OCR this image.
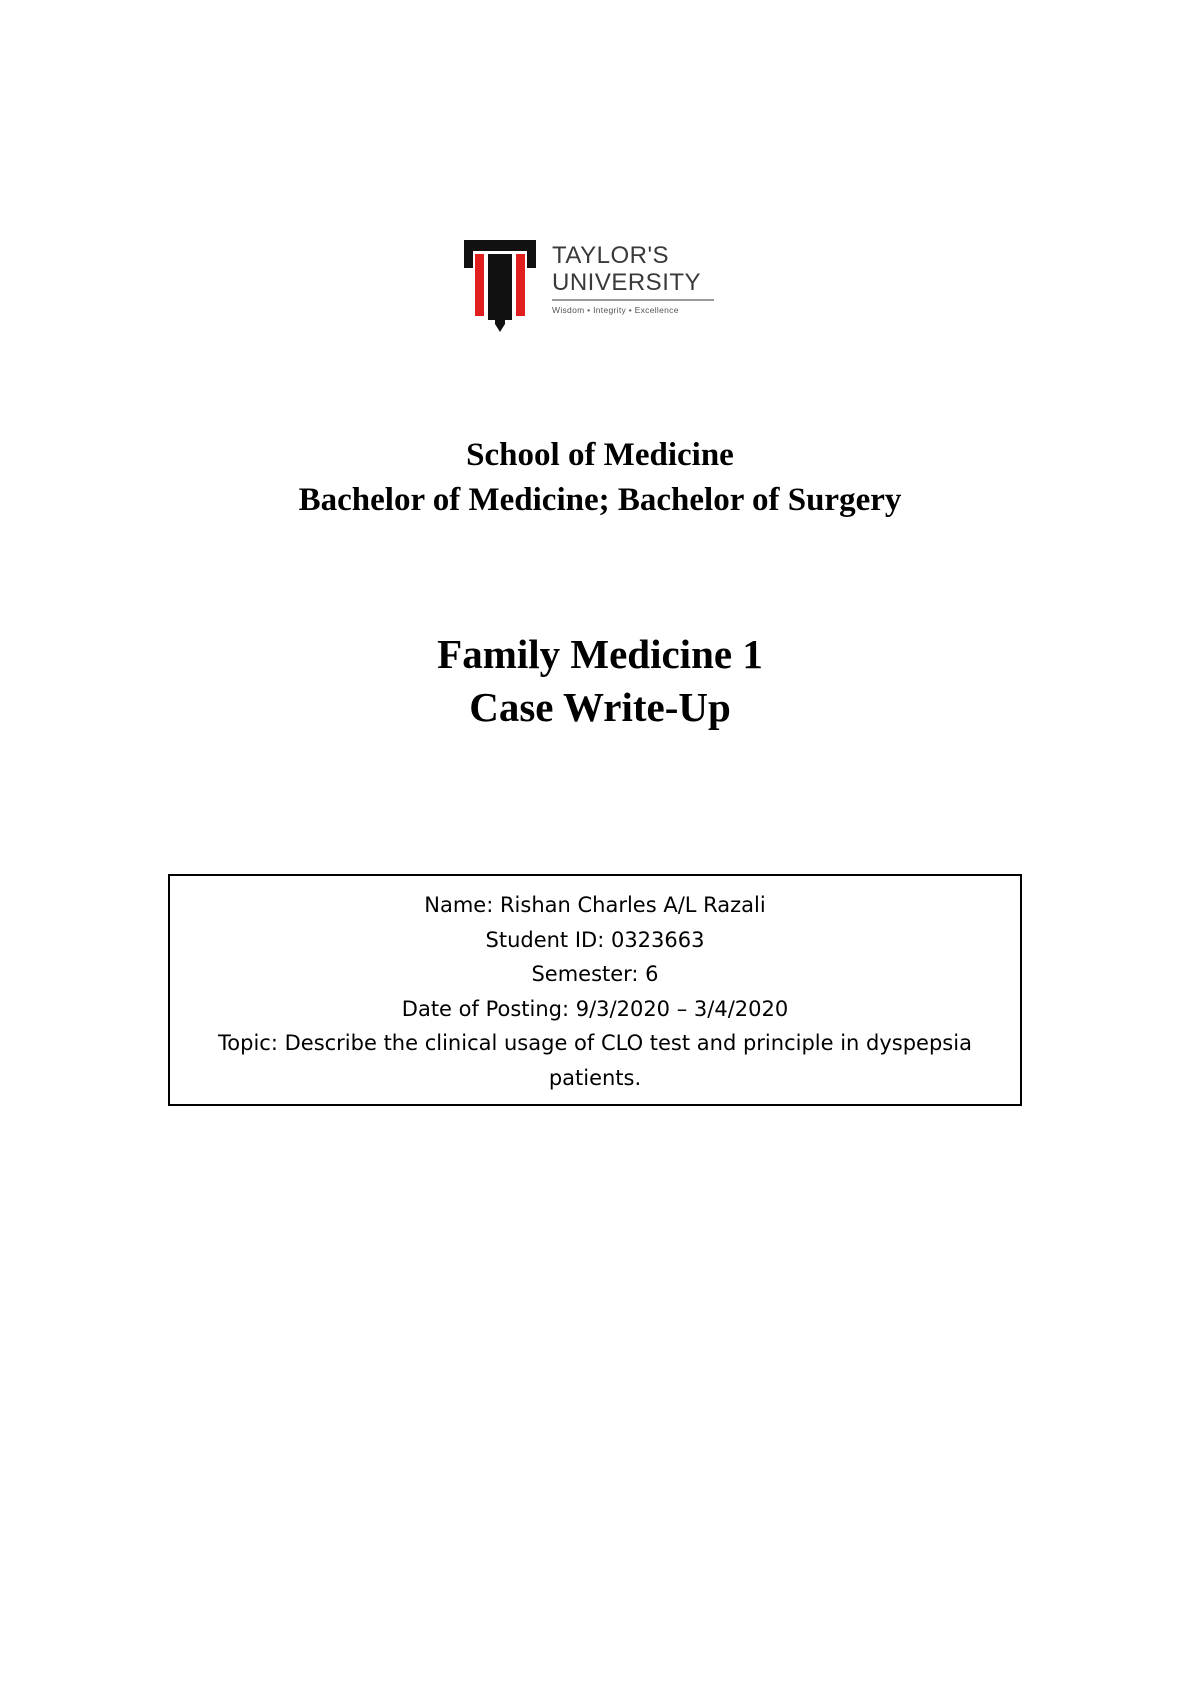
TAYLOR'S
UNIVERSITY
Wisdom • Integrity • Excellence
School of Medicine
Bachelor of Medicine; Bachelor of Surgery
Family Medicine 1
Case Write-Up
Name: Rishan Charles A/L Razali
Student ID: 0323663
Semester: 6
Date of Posting: 9/3/2020 – 3/4/2020
Topic: Describe the clinical usage of CLO test and principle in dyspepsia patients.
